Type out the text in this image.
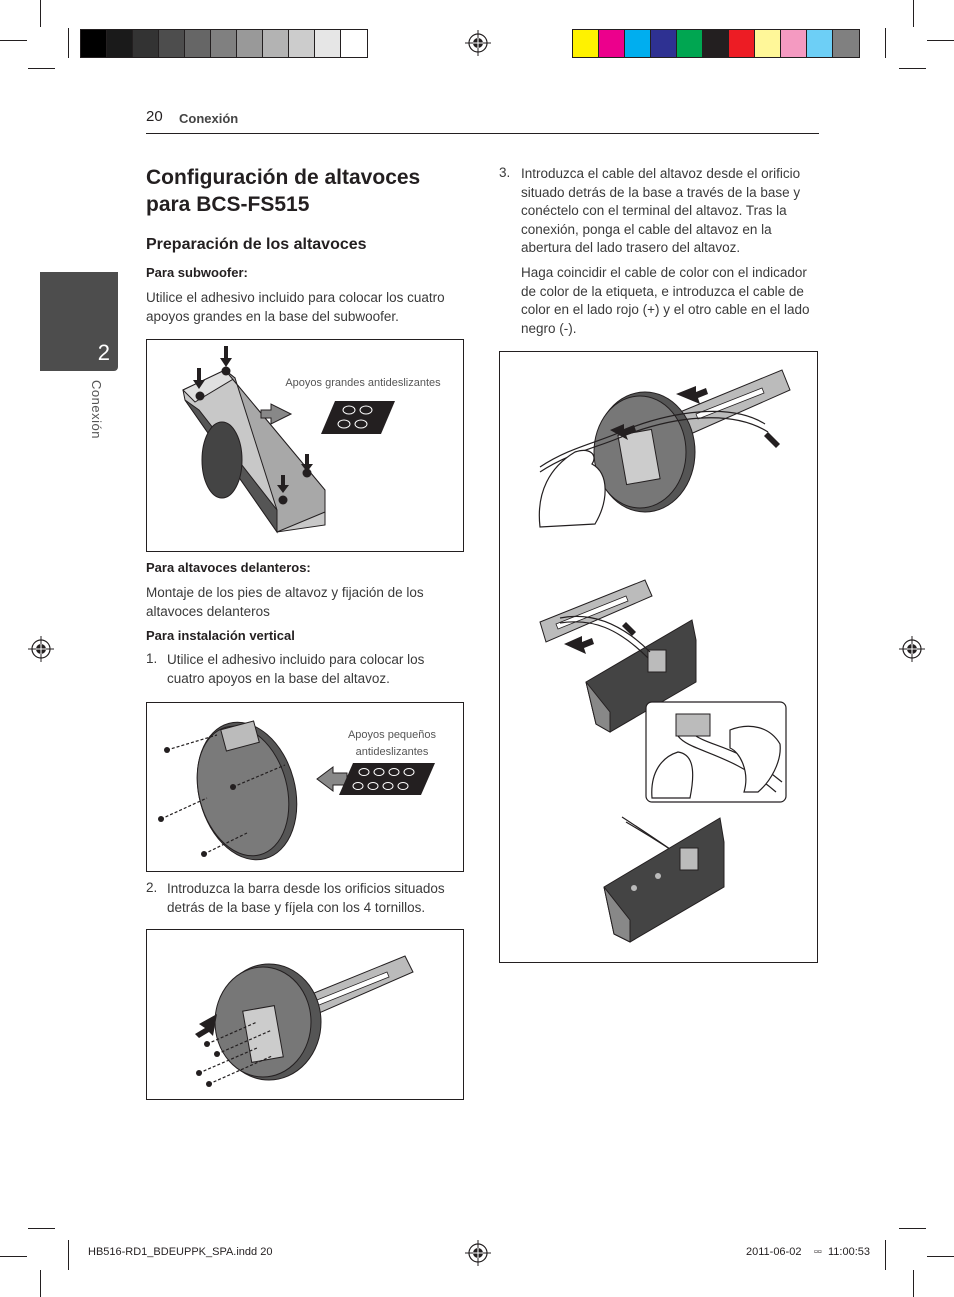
20 Conexión
2
Conexión
Configuración de altavoces para BCS-FS515
Preparación de los altavoces
Para subwoofer:
Utilice el adhesivo incluido para colocar los cuatro apoyos grandes en la base del subwoofer.
Apoyos grandes antideslizantes
Para altavoces delanteros:
Montaje de los pies de altavoz y fijación de los altavoces delanteros
Para instalación vertical
1. Utilice el adhesivo incluido para colocar los cuatro apoyos en la base del altavoz.
Apoyos pequeños
antideslizantes
2. Introduzca la barra desde los orificios situados detrás de la base y fíjela con los 4 tornillos.
3. Introduzca el cable del altavoz desde el orificio situado detrás de la base a través de la base y conéctelo con el terminal del altavoz. Tras la conexión, ponga el cable del altavoz en la abertura del lado trasero del altavoz.
Haga coincidir el cable de color con el indicador de color de la etiqueta, e introduzca el cable de color en el lado rojo (+) y el otro cable en el lado negro (-).
HB516-RD1_BDEUPPK_SPA.indd 20	2011-06-02 ▫▫ 11:00:53
